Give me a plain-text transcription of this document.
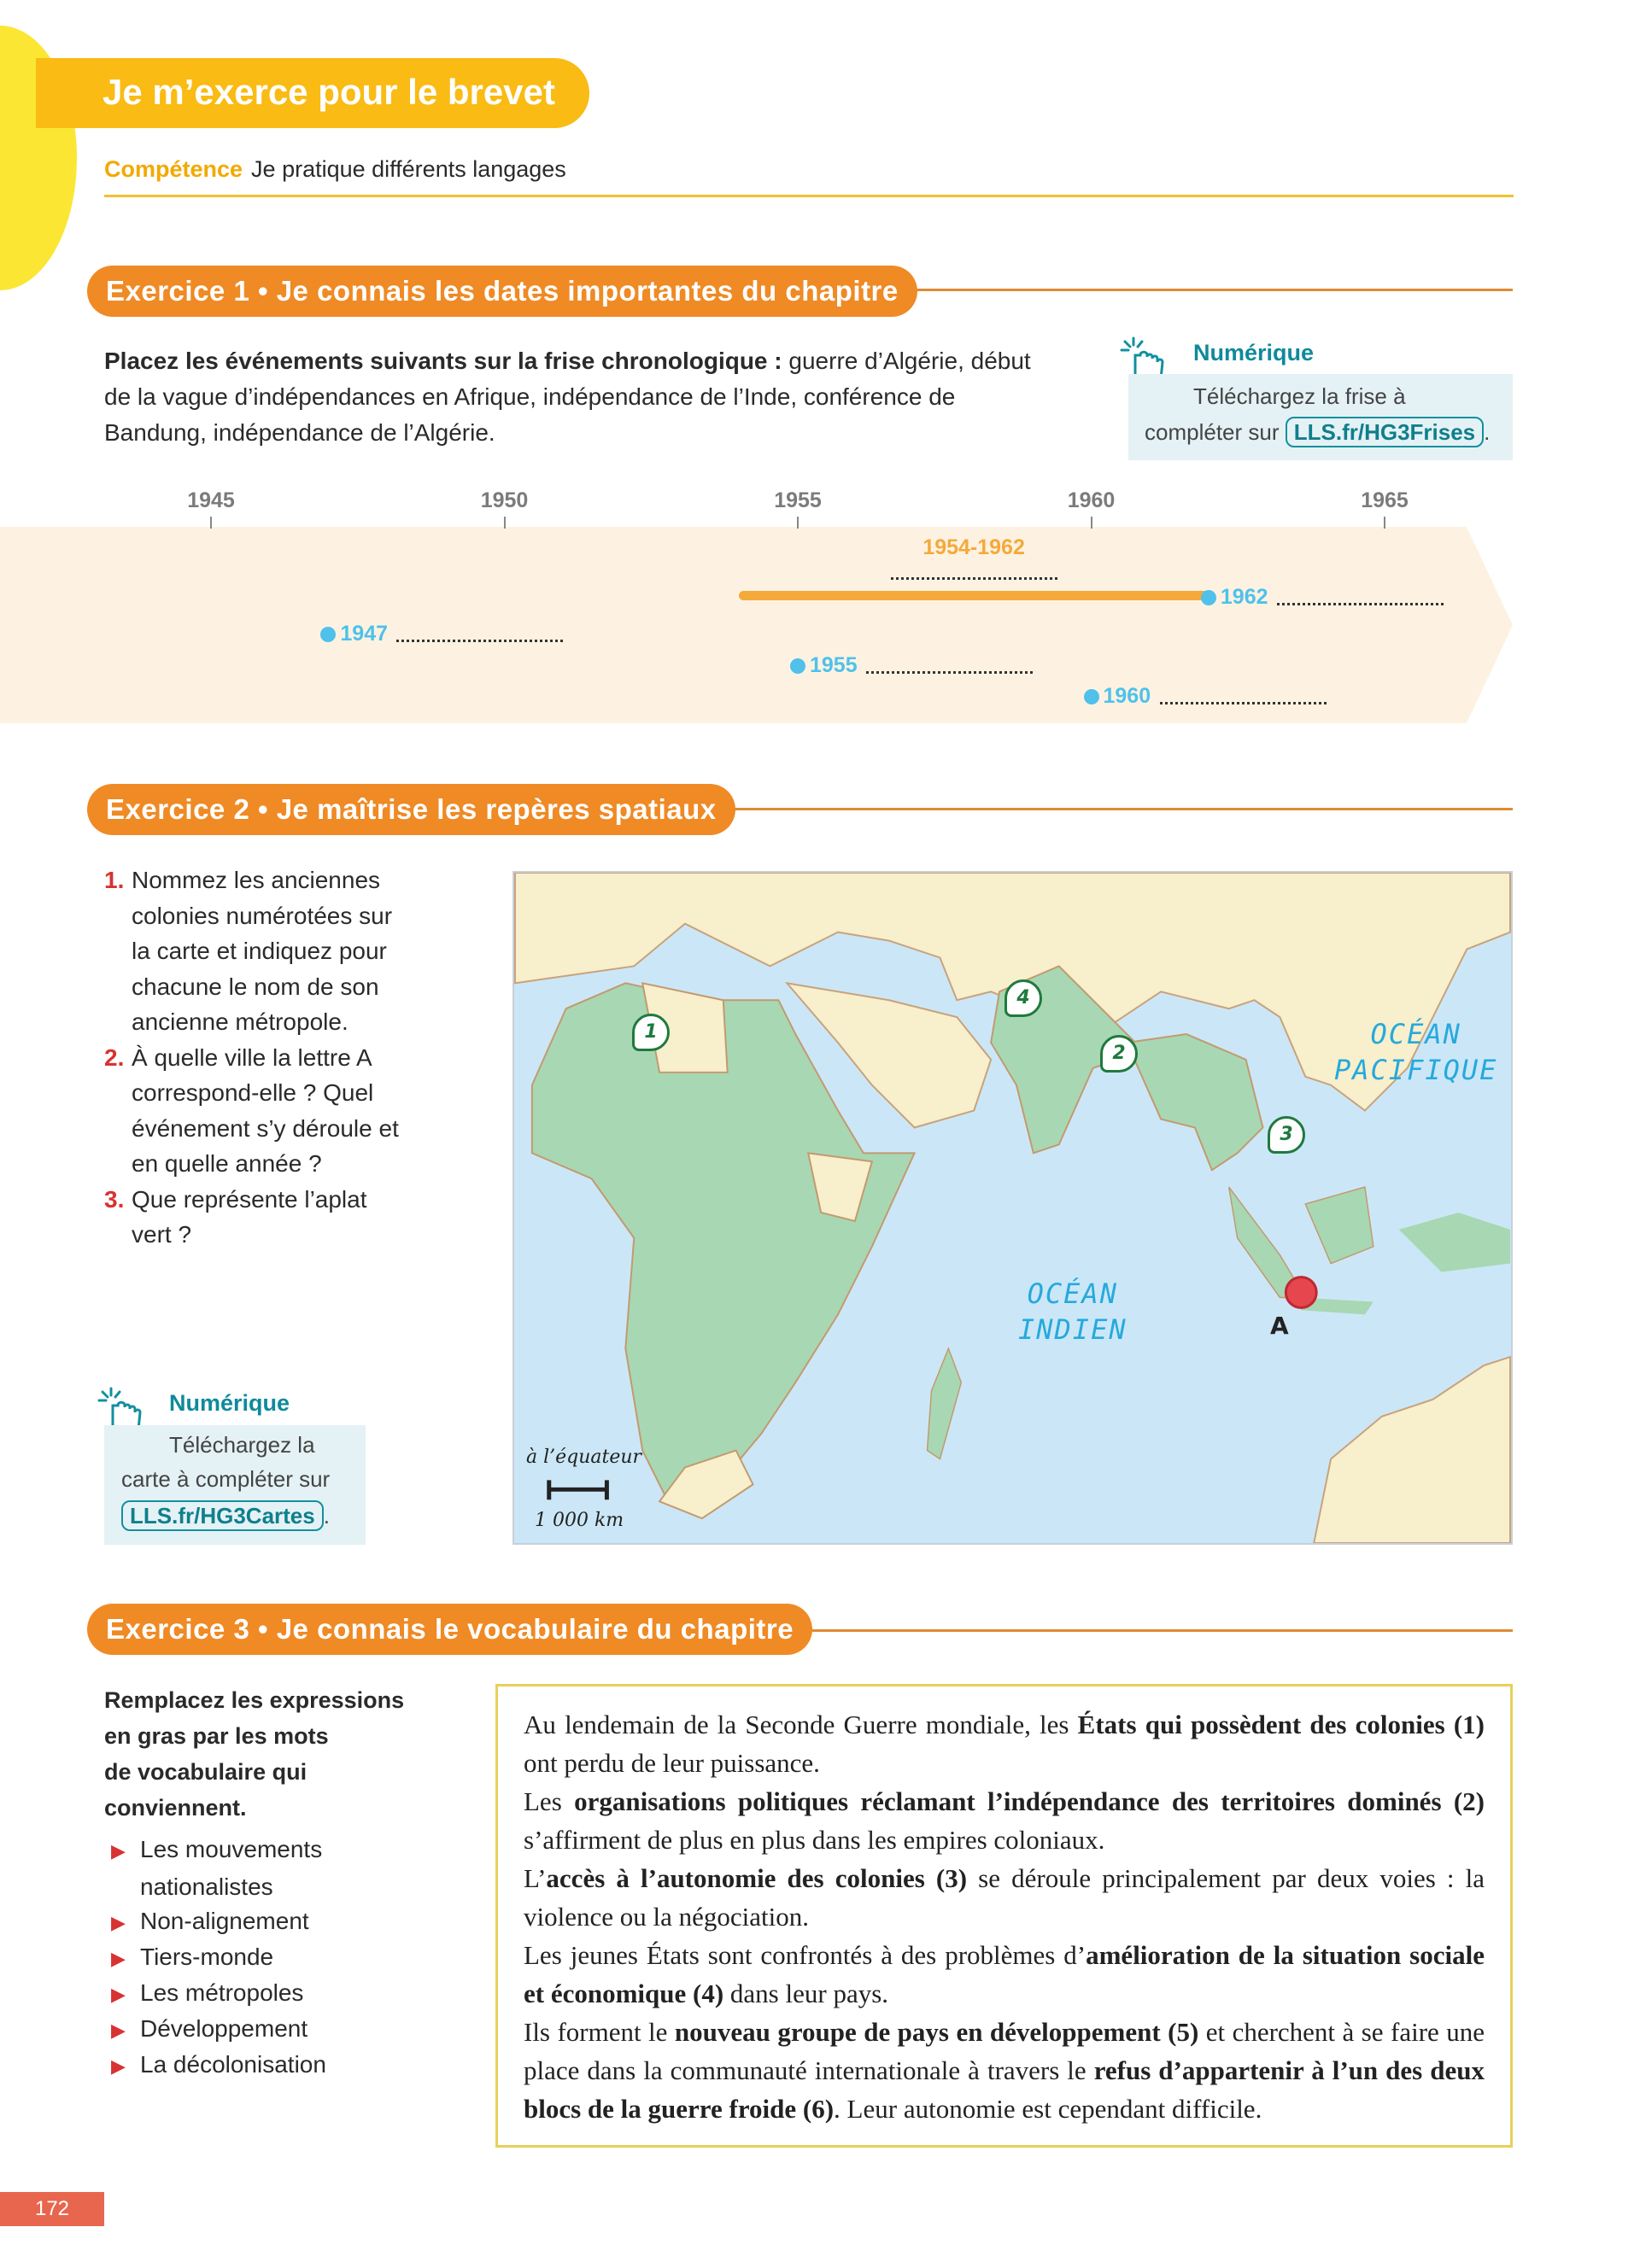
Je m’exerce pour le brevet
Compétence Je pratique différents langages
Exercice 1 • Je connais les dates importantes du chapitre
Placez les événements suivants sur la frise chronologique : guerre d’Algérie, début de la vague d’indépendances en Afrique, indépendance de l’Inde, conférence de Bandung, indépendance de l’Algérie.
Numérique
Téléchargez la frise à compléter sur LLS.fr/HG3Frises .
1945	1950	1955	1960	1965
1954-1962
1947
1955
1960
1962
Exercice 2 • Je maîtrise les repères spatiaux
1. Nommez les anciennes
colonies numérotées sur
la carte et indiquez pour
chacune le nom de son
ancienne métropole.
2. À quelle ville la lettre A
correspond-elle ? Quel
événement s’y déroule et
en quelle année ?
3. Que représente l’aplat
vert ?
Numérique
Téléchargez la
carte à compléter sur
LLS.fr/HG3Cartes .
OCÉAN
PACIFIQUE
OCÉAN
INDIEN
1
2
3
4
A
à l’équateur
1 000 km
Exercice 3 • Je connais le vocabulaire du chapitre
Remplacez les expressions
en gras par les mots
de vocabulaire qui
conviennent.
▶ Les mouvements
nationalistes
▶ Non-alignement
▶ Tiers-monde
▶ Les métropoles
▶ Développement
▶ La décolonisation

Au lendemain de la Seconde Guerre mondiale, les États qui possèdent des colonies (1) ont perdu de leur puissance.

Les organisations politiques réclamant l’indépendance des territoires dominés (2) s’affirment de plus en plus dans les empires coloniaux.

L’accès à l’autonomie des colonies (3) se déroule principalement par deux voies : la violence ou la négociation.

Les jeunes États sont confrontés à des problèmes d’amélioration de la situation sociale et économique (4) dans leur pays.

Ils forment le nouveau groupe de pays en développement (5) et cherchent à se faire une place dans la communauté internationale à travers le refus d’appartenir à l’un des deux blocs de la guerre froide (6). Leur autonomie est cependant difficile.

172
